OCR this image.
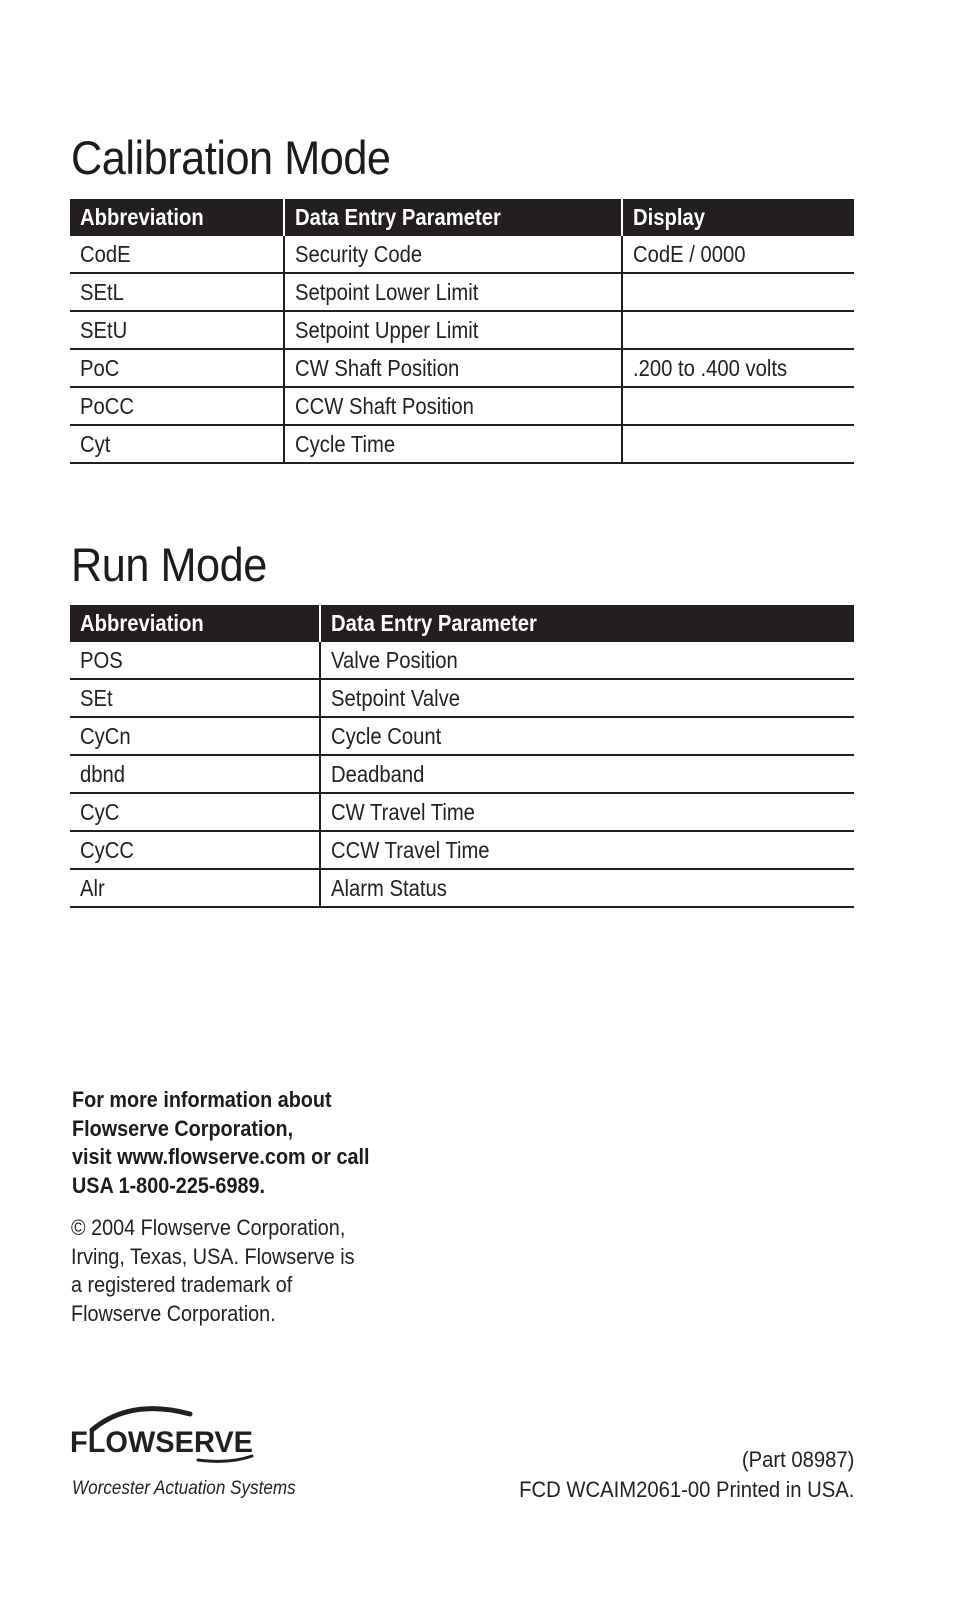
Calibration Mode
Abbreviation	Data Entry Parameter	Display
CodE	Security Code	CodE / 0000
SEtL	Setpoint Lower Limit	
SEtU	Setpoint Upper Limit	
PoC	CW Shaft Position	.200 to .400 volts
PoCC	CCW Shaft Position	
Cyt	Cycle Time	
Run Mode
Abbreviation	Data Entry Parameter
POS	Valve Position
SEt	Setpoint Valve
CyCn	Cycle Count
dbnd	Deadband
CyC	CW Travel Time
CyCC	CCW Travel Time
Alr	Alarm Status
For more information about
Flowserve Corporation,
visit www.flowserve.com or call
USA 1-800-225-6989.
© 2004 Flowserve Corporation,
Irving, Texas, USA. Flowserve is
a registered trademark of
Flowserve Corporation.
FLOWSERVE
Worcester Actuation Systems
(Part 08987)
FCD WCAIM2061-00 Printed in USA.
